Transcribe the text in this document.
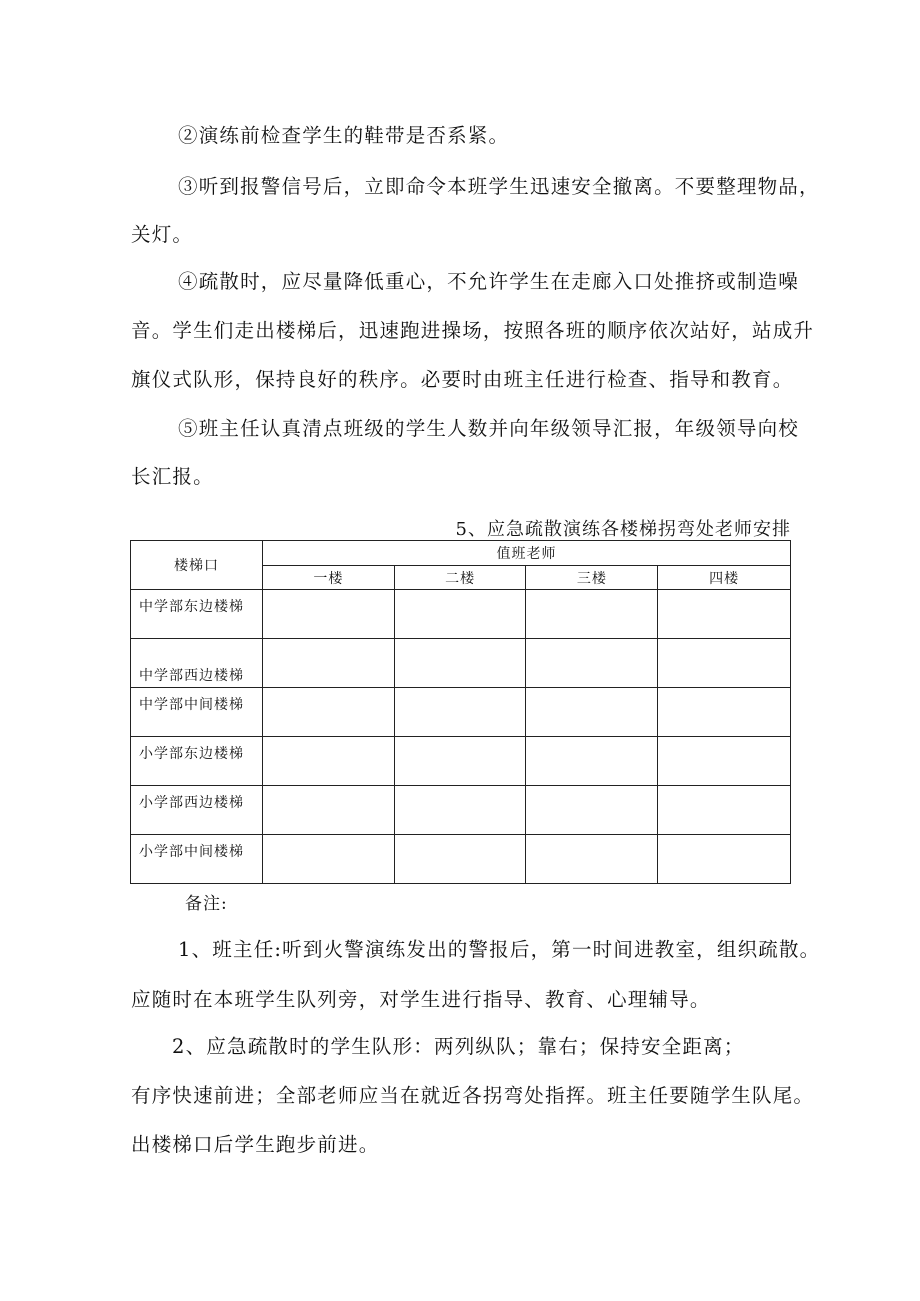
②演练前检查学生的鞋带是否系紧。
③听到报警信号后，立即命令本班学生迅速安全撤离。不要整理物品，
关灯。
④疏散时，应尽量降低重心，不允许学生在走廊入口处推挤或制造噪
音。学生们走出楼梯后，迅速跑进操场，按照各班的顺序依次站好，站成升
旗仪式队形，保持良好的秩序。必要时由班主任进行检查、指导和教育。
⑤班主任认真清点班级的学生人数并向年级领导汇报，年级领导向校
长汇报。
5、应急疏散演练各楼梯拐弯处老师安排
楼梯口	值班老师			
	一楼	二楼	三楼	四楼
中学部东边楼梯				
中学部西边楼梯				
中学部中间楼梯				
小学部东边楼梯				
小学部西边楼梯				
小学部中间楼梯				
备注:
1、班主任:听到火警演练发出的警报后，第一时间进教室，组织疏散。
应随时在本班学生队列旁，对学生进行指导、教育、心理辅导。
2、应急疏散时的学生队形：两列纵队；靠右；保持安全距离；
有序快速前进；全部老师应当在就近各拐弯处指挥。班主任要随学生队尾。
出楼梯口后学生跑步前进。
